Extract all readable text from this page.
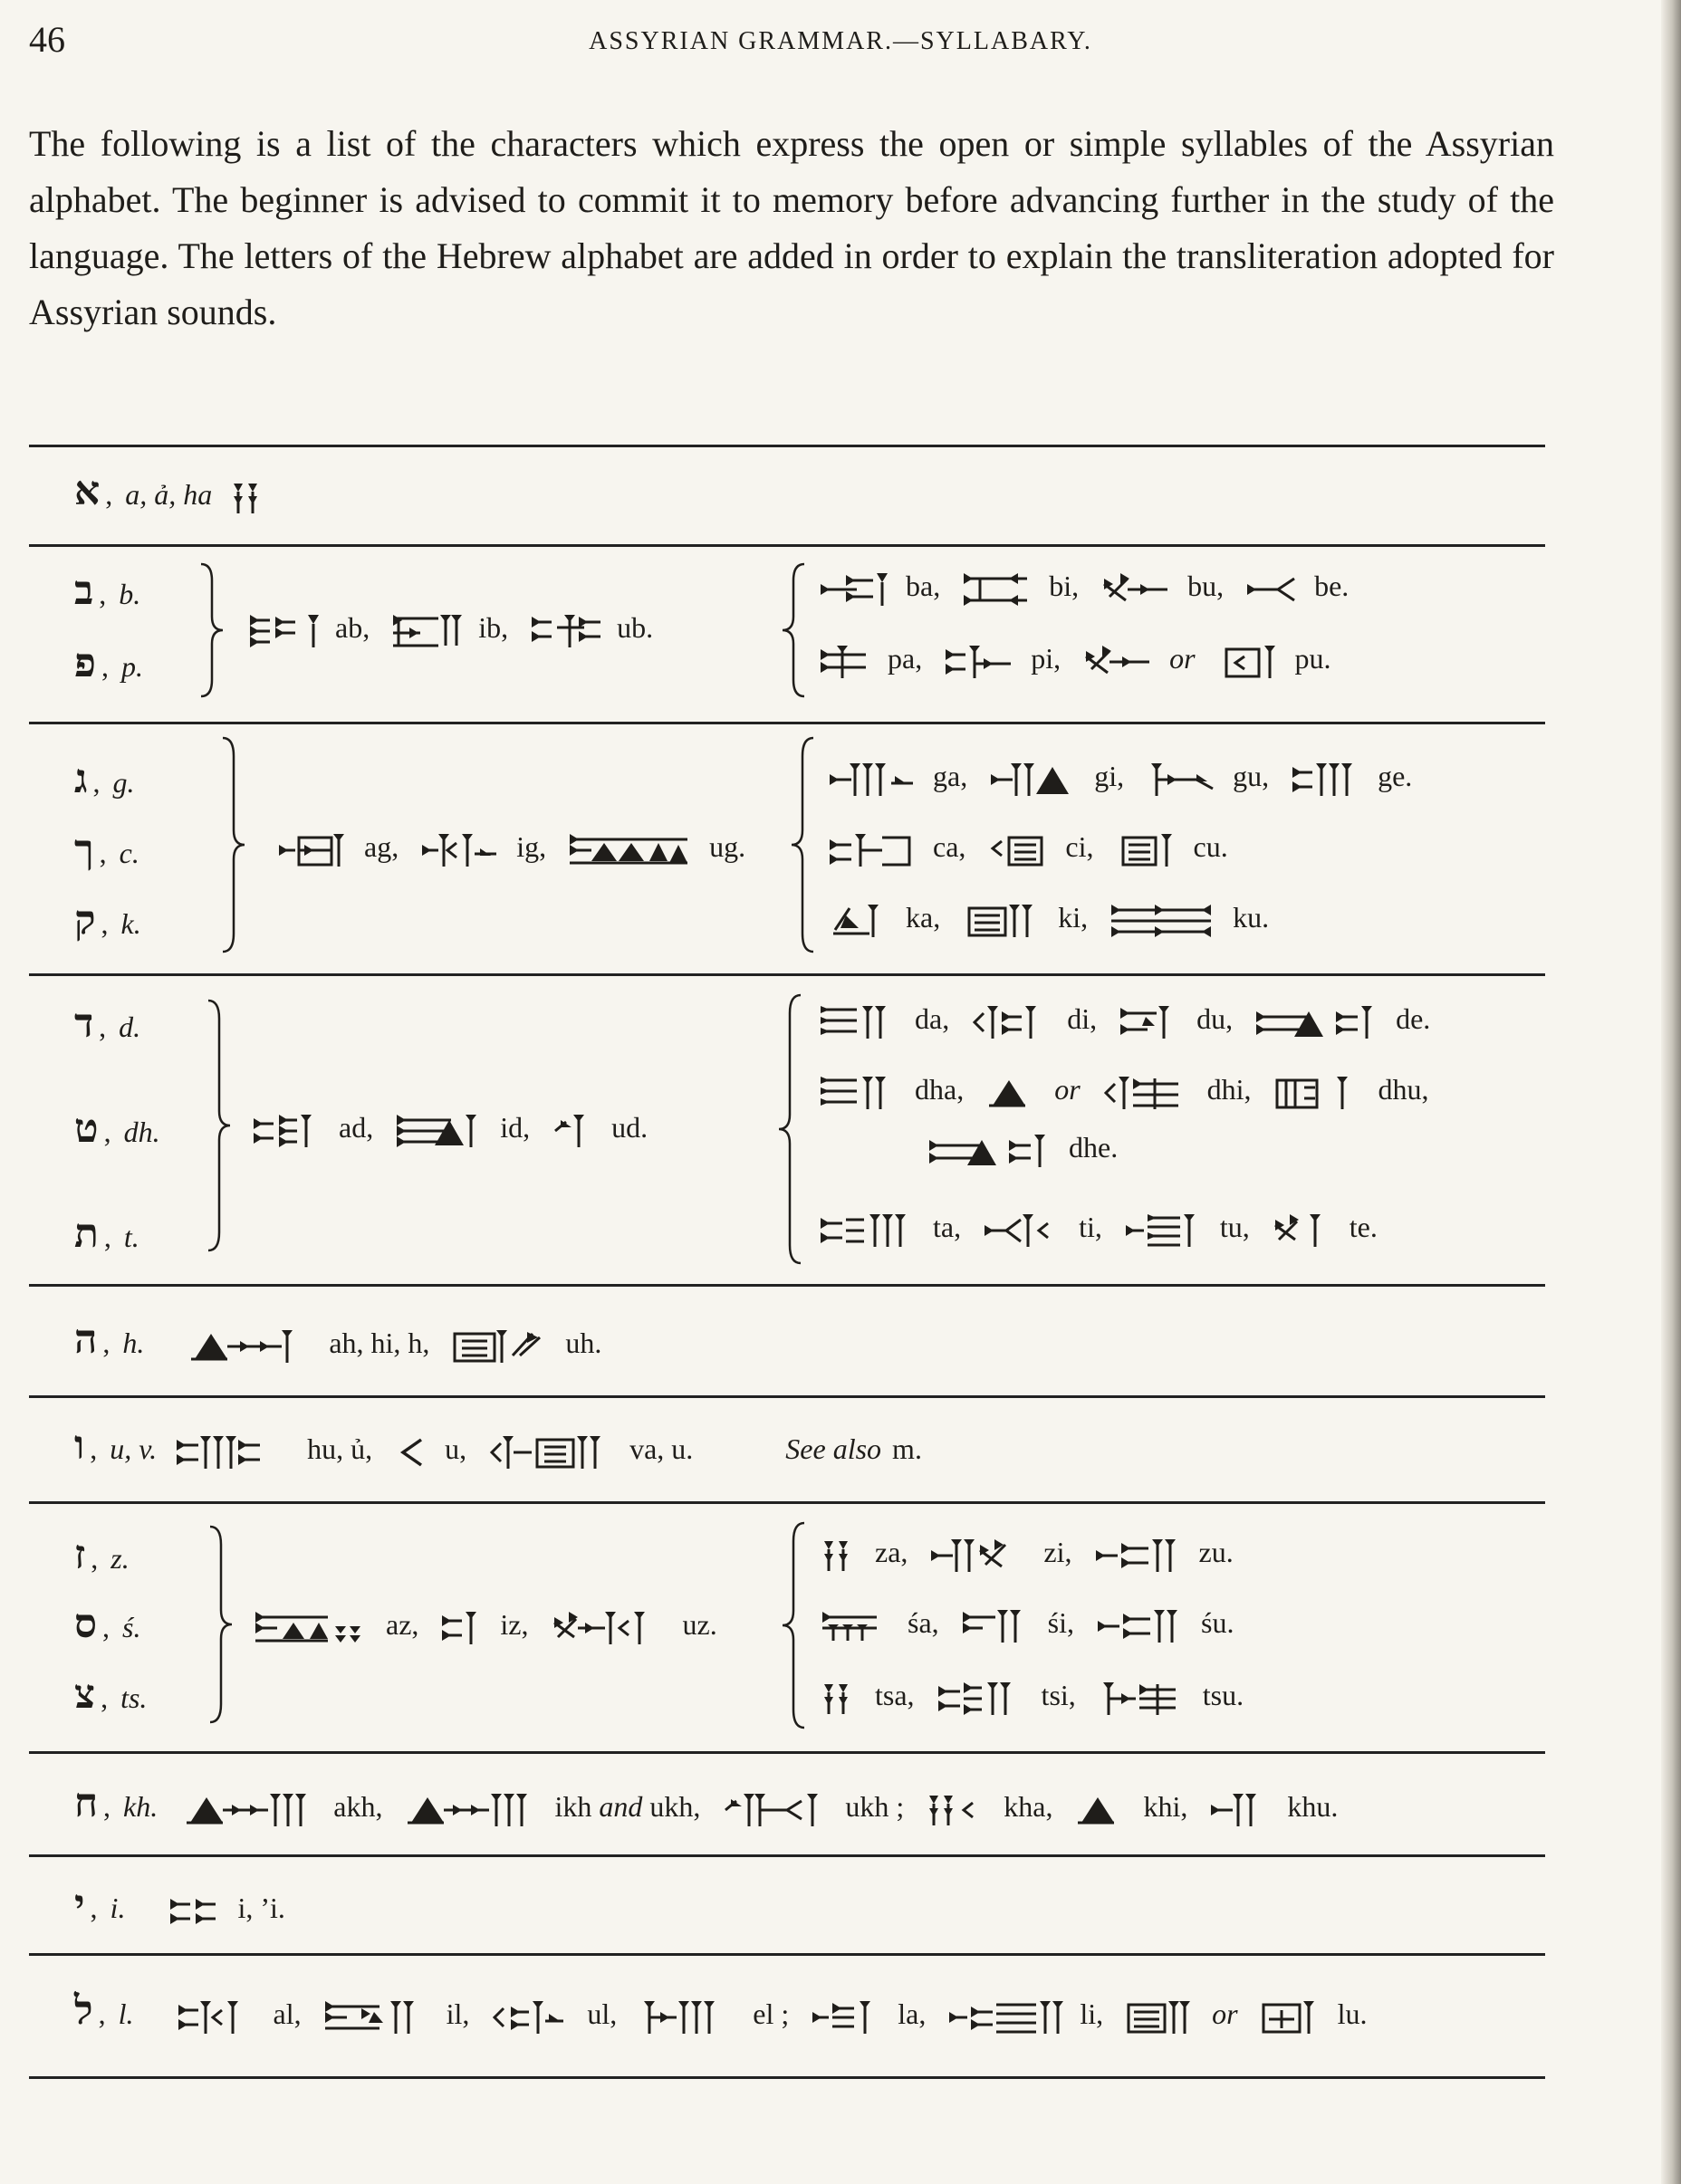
46	ASSYRIAN GRAMMAR.—SYLLABARY.
The following is a list of the characters which express the open or simple syllables of the Assyrian alphabet. The beginner is advised to commit it to memory before advancing further in the study of the language. The letters of the Hebrew alphabet are added in order to explain the transliteration adopted for Assyrian sounds.
א , a, ả, ha
ב , b.
פ , p.
ab,	ib,	ub.
ba,	bi,	bu,	be.
pa,	pi,	or	pu.
ג , g.
ך , c.
ק , k.
ag,	ig,	ug.
ga,	gi,	gu,	ge.
ca,	ci,	cu.
ka,	ki,	ku.
ד , d.
ט , dh.
ת , t.
ad,	id,	ud.
da,	di,	du,	de.
dha,	or	dhi,	dhu,
dhe.
ta,	ti,	tu,	te.
ה , h.	ah, hi, h,	uh.
ו , u, v.	hu, ủ,	u,	va, u.	See also m.
ז , z.
ס , ś.
צ , ts.
az,	iz,	uz.
za,	zi,	zu.
śa,	śi,	śu.
tsa,	tsi,	tsu.
ח , kh.	akh,	ikh and ukh,	ukh ;	kha,	khi,	khu.
י , i.	i, ’i.
ל , l.	al,	il,	ul,	el ;	la,	li,	or	lu.
